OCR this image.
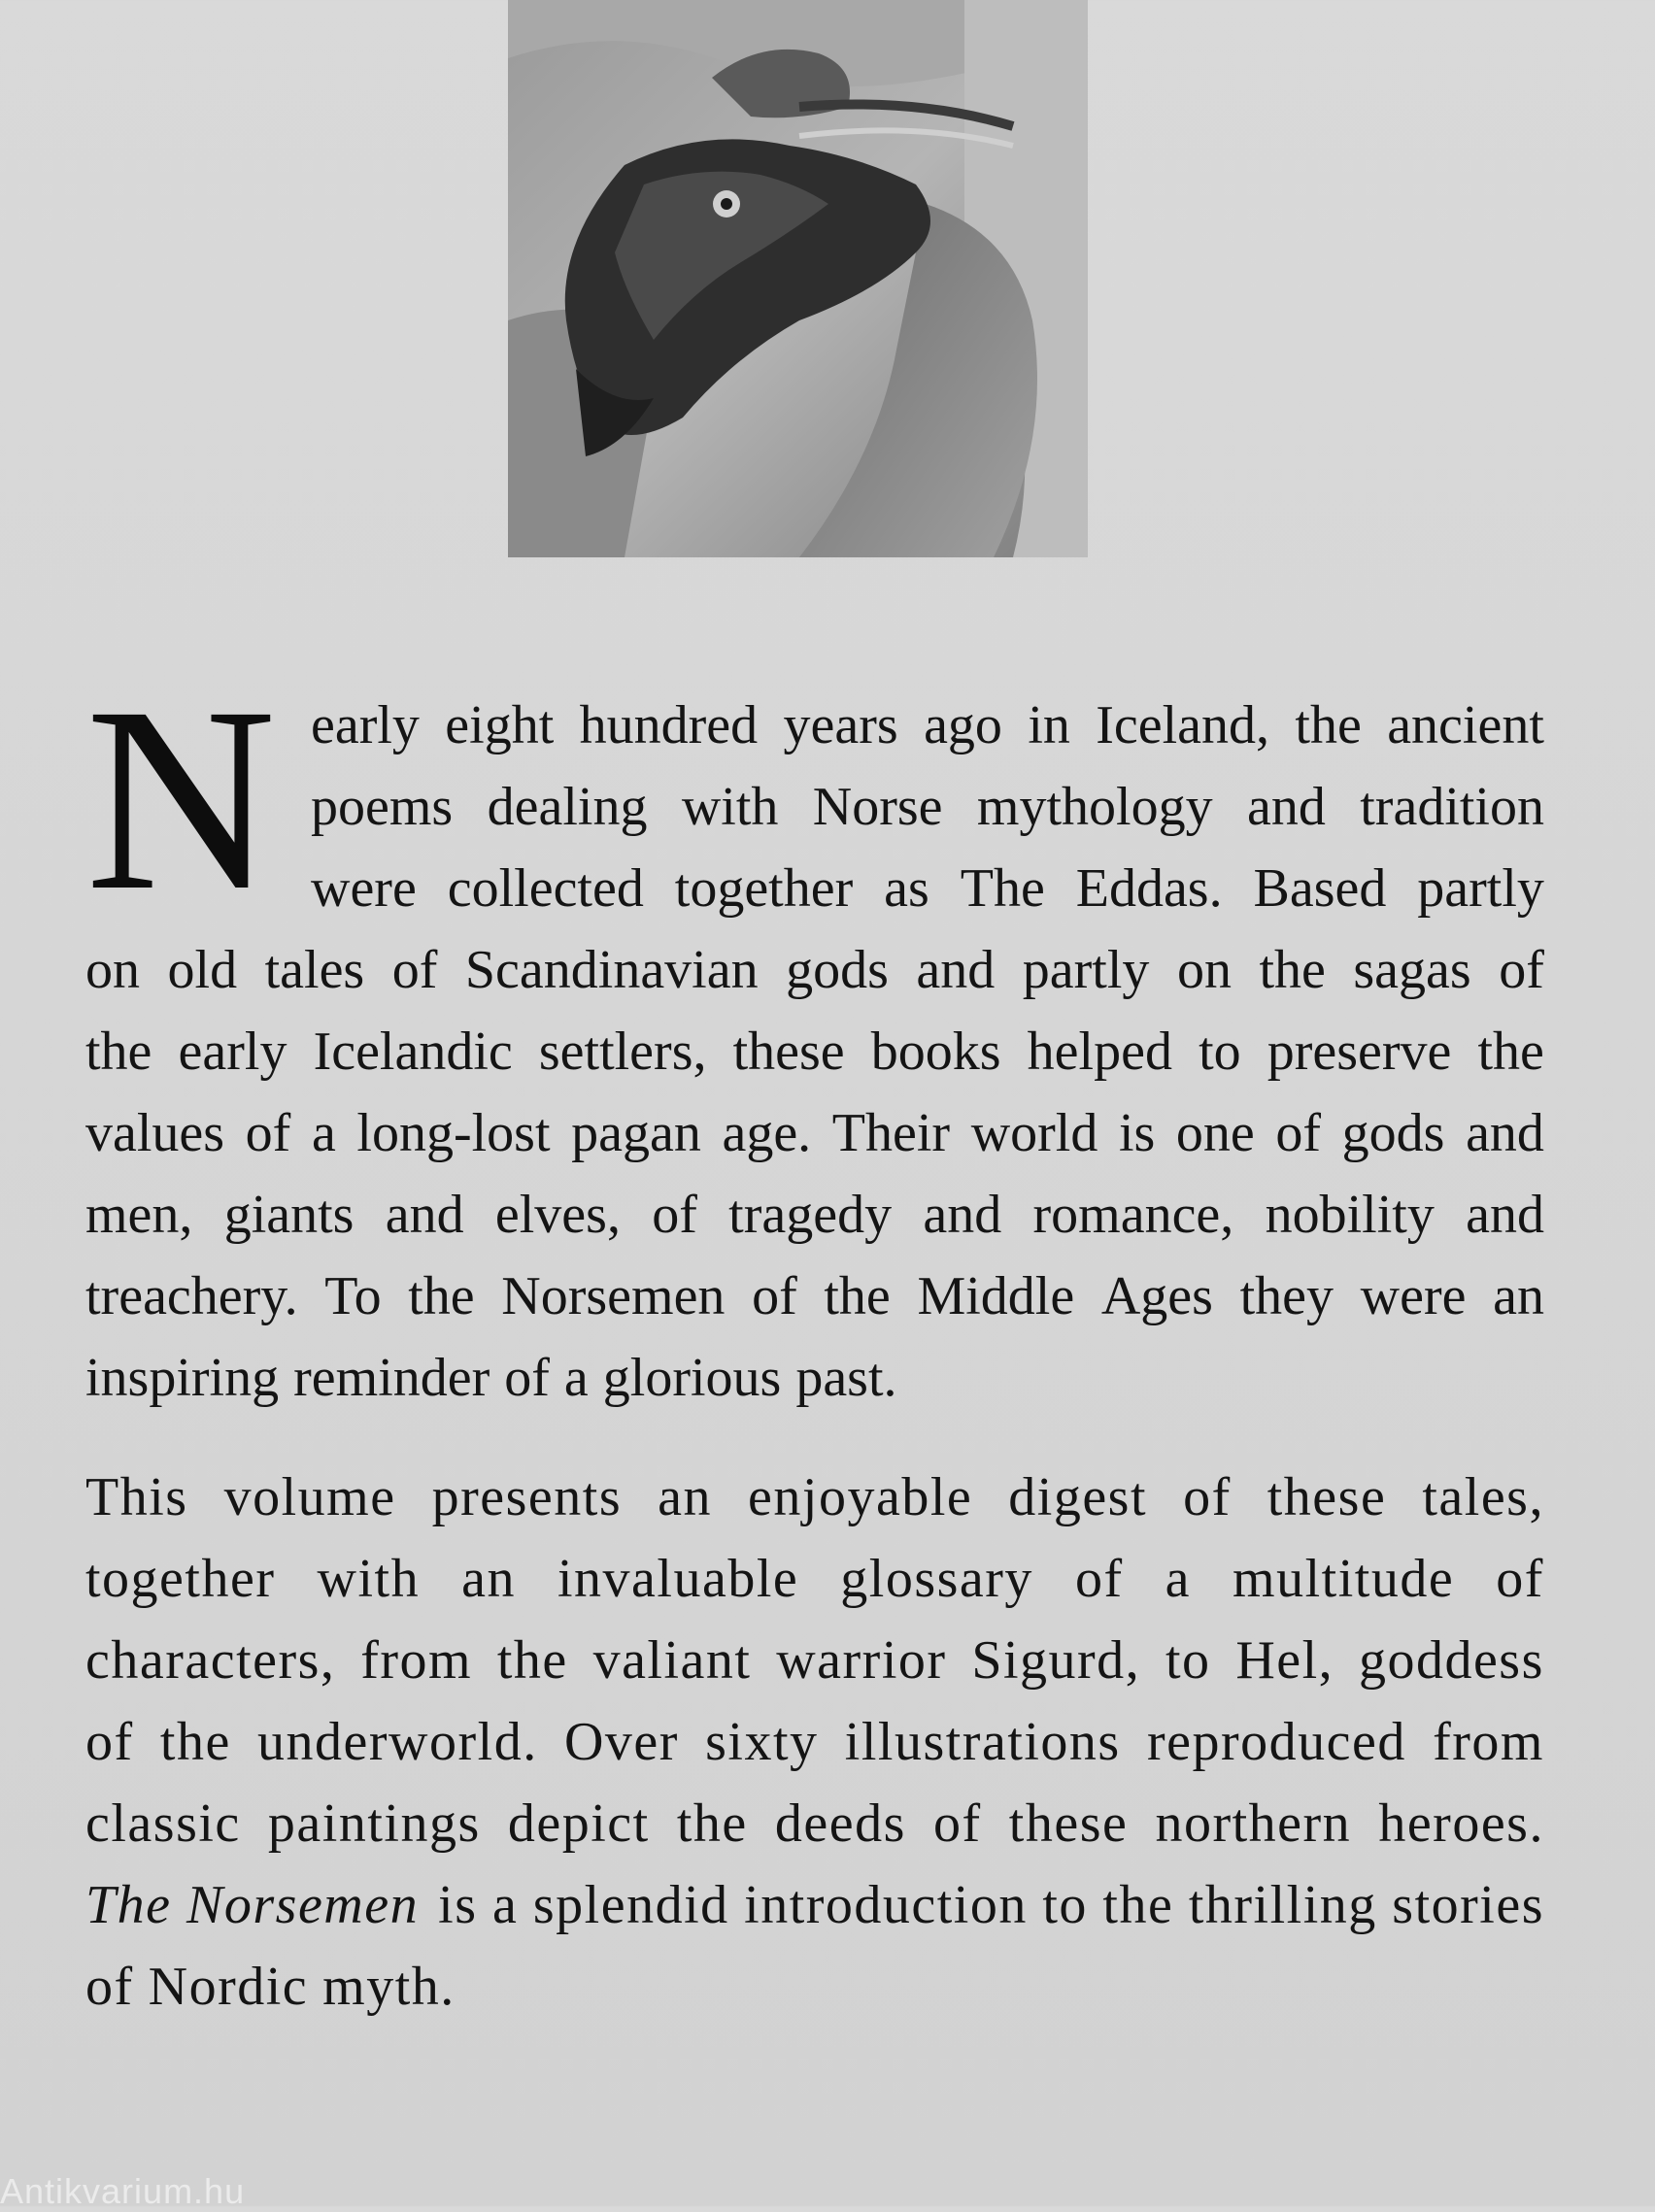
N early eight hundred years ago in Iceland, the ancient
poems dealing with Norse mythology and tradition
were collected together as The Eddas. Based partly
on old tales of Scandinavian gods and partly on the sagas of
the early Icelandic settlers, these books helped to preserve the
values of a long-lost pagan age. Their world is one of gods and
men, giants and elves, of tragedy and romance, nobility and
treachery. To the Norsemen of the Middle Ages they were an
inspiring reminder of a glorious past.
This volume presents an enjoyable digest of these tales,
together with an invaluable glossary of a multitude of
characters, from the valiant warrior Sigurd, to Hel, goddess
of the underworld. Over sixty illustrations reproduced from
classic paintings depict the deeds of these northern heroes.
The Norsemen is a splendid introduction to the thrilling stories
of Nordic myth.
Antikvarium.hu
